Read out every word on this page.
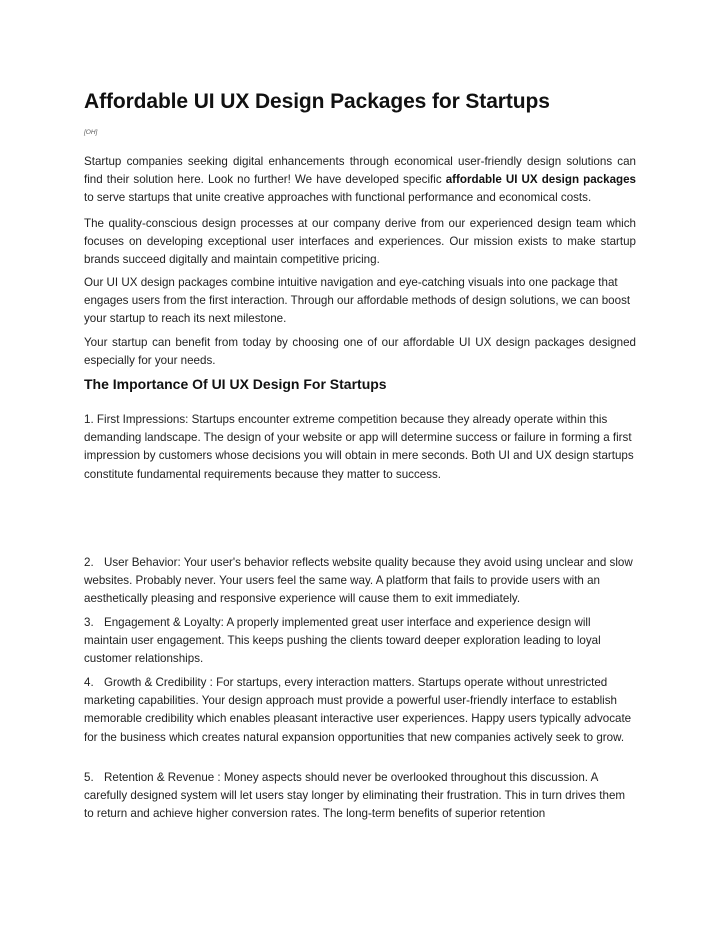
Affordable UI UX Design Packages for Startups
[OH]

Startup companies seeking digital enhancements through economical user-friendly design solutions can find their solution here. Look no further! We have developed specific affordable UI UX design packages to serve startups that unite creative approaches with functional performance and economical costs.

The quality-conscious design processes at our company derive from our experienced design team which focuses on developing exceptional user interfaces and experiences. Our mission exists to make startup brands succeed digitally and maintain competitive pricing.

Our UI UX design packages combine intuitive navigation and eye-catching visuals into one package that engages users from the first interaction. Through our affordable methods of design solutions, we can boost your startup to reach its next milestone.

Your startup can benefit from today by choosing one of our affordable UI UX design packages designed especially for your needs.

The Importance Of UI UX Design For Startups

1. First Impressions: Startups encounter extreme competition because they already operate within this demanding landscape. The design of your website or app will determine success or failure in forming a first impression by customers whose decisions you will obtain in mere seconds. Both UI and UX design startups constitute fundamental requirements because they matter to success.

2. User Behavior: Your user's behavior reflects website quality because they avoid using unclear and slow websites. Probably never. Your users feel the same way. A platform that fails to provide users with an aesthetically pleasing and responsive experience will cause them to exit immediately.

3. Engagement & Loyalty: A properly implemented great user interface and experience design will maintain user engagement. This keeps pushing the clients toward deeper exploration leading to loyal customer relationships.

4. Growth & Credibility : For startups, every interaction matters. Startups operate without unrestricted marketing capabilities. Your design approach must provide a powerful user-friendly interface to establish memorable credibility which enables pleasant interactive user experiences. Happy users typically advocate for the business which creates natural expansion opportunities that new companies actively seek to grow.

5. Retention & Revenue : Money aspects should never be overlooked throughout this discussion. A carefully designed system will let users stay longer by eliminating their frustration. This in turn drives them to return and achieve higher conversion rates. The long-term benefits of superior retention
